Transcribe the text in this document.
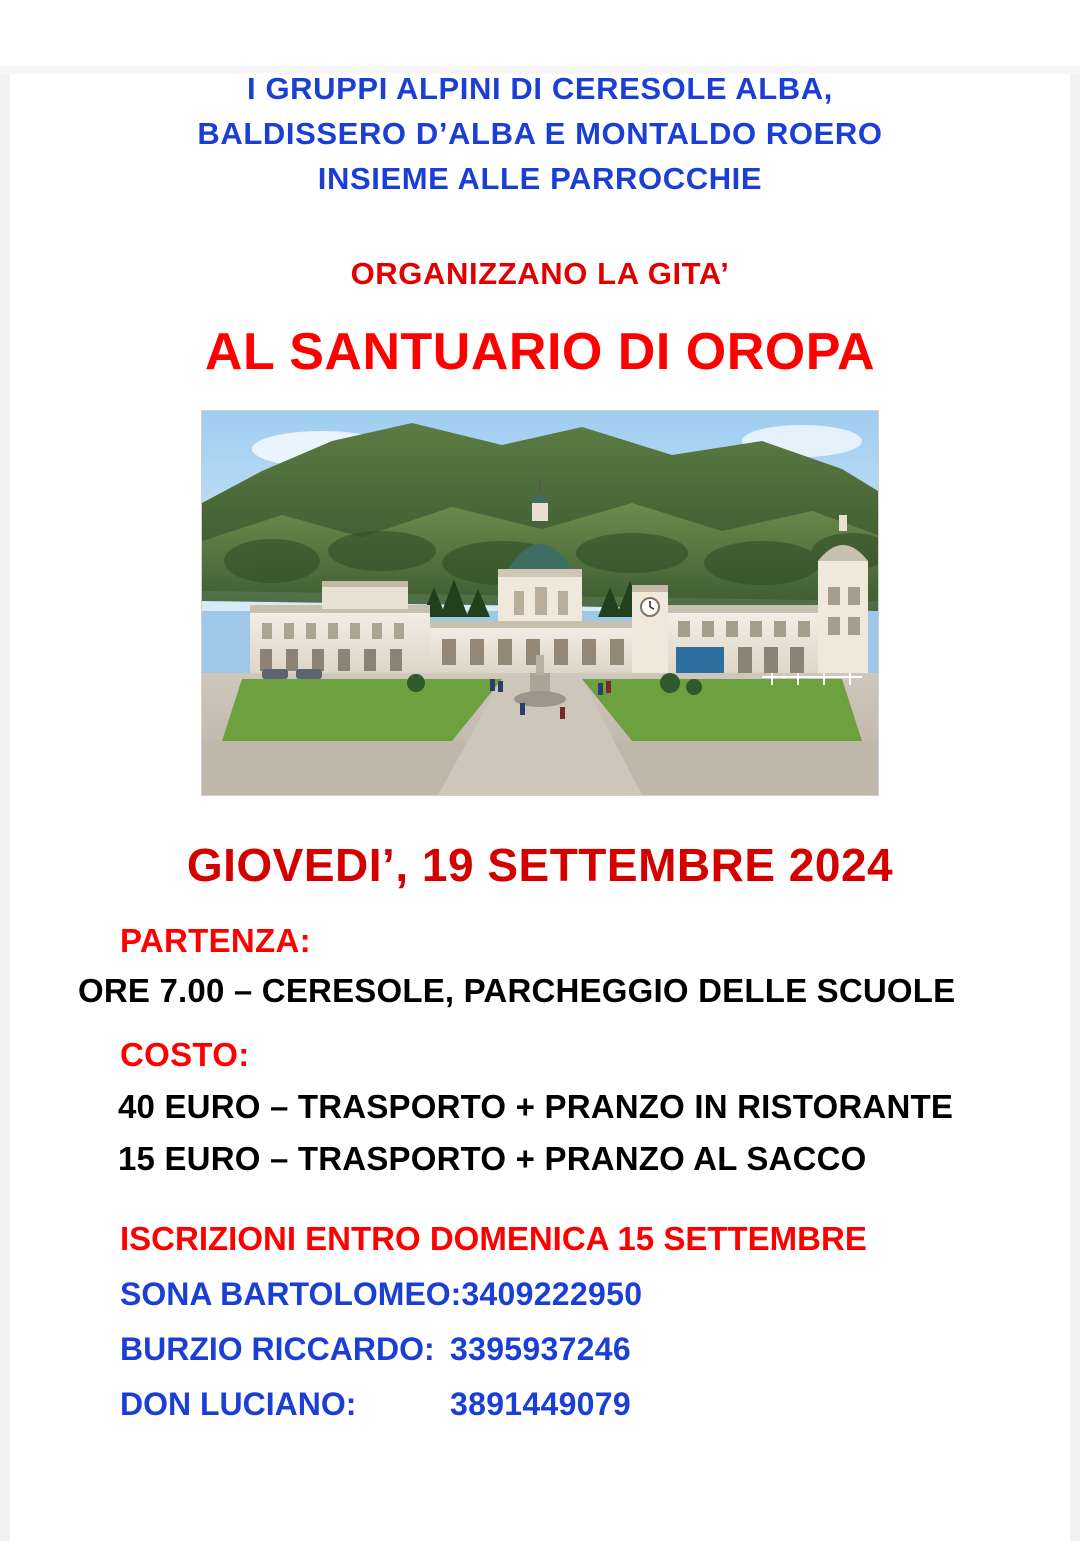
I GRUPPI ALPINI DI CERESOLE ALBA,
BALDISSERO D’ALBA E MONTALDO ROERO
INSIEME ALLE PARROCCHIE
ORGANIZZANO LA GITA’
AL SANTUARIO DI OROPA
GIOVEDI’, 19 SETTEMBRE 2024
PARTENZA:
ORE 7.00 – CERESOLE, PARCHEGGIO DELLE SCUOLE
COSTO:
40 EURO – TRASPORTO + PRANZO IN RISTORANTE
15 EURO – TRASPORTO + PRANZO AL SACCO
ISCRIZIONI ENTRO DOMENICA 15 SETTEMBRE
SONA BARTOLOMEO: 3409222950
BURZIO RICCARDO: 3395937246
DON LUCIANO:	3891449079
